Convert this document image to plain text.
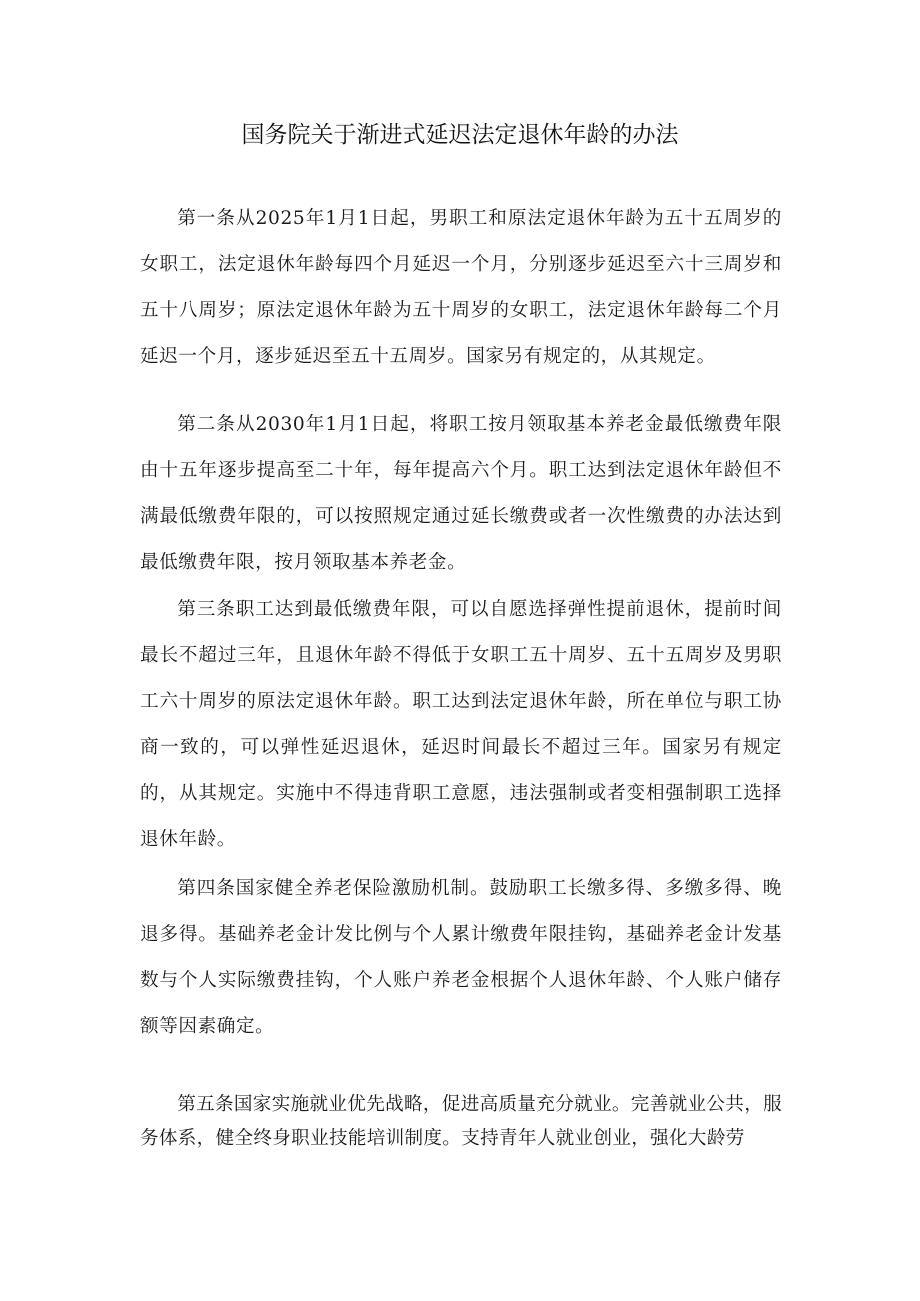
国务院关于渐进式延迟法定退休年龄的办法

第一条从2025年1月1日起，男职工和原法定退休年龄为五十五周岁的女职工，法定退休年龄每四个月延迟一个月，分别逐步延迟至六十三周岁和五十八周岁；原法定退休年龄为五十周岁的女职工，法定退休年龄每二个月延迟一个月，逐步延迟至五十五周岁。国家另有规定的，从其规定。

第二条从2030年1月1日起，将职工按月领取基本养老金最低缴费年限由十五年逐步提高至二十年，每年提高六个月。职工达到法定退休年龄但不满最低缴费年限的，可以按照规定通过延长缴费或者一次性缴费的办法达到最低缴费年限，按月领取基本养老金。

第三条职工达到最低缴费年限，可以自愿选择弹性提前退休，提前时间最长不超过三年，且退休年龄不得低于女职工五十周岁、五十五周岁及男职工六十周岁的原法定退休年龄。职工达到法定退休年龄，所在单位与职工协商一致的，可以弹性延迟退休，延迟时间最长不超过三年。国家另有规定的，从其规定。实施中不得违背职工意愿，违法强制或者变相强制职工选择退休年龄。

第四条国家健全养老保险激励机制。鼓励职工长缴多得、多缴多得、晚退多得。基础养老金计发比例与个人累计缴费年限挂钩，基础养老金计发基数与个人实际缴费挂钩，个人账户养老金根据个人退休年龄、个人账户储存额等因素确定。

第五条国家实施就业优先战略，促进高质量充分就业。完善就业公共，服务体系，健全终身职业技能培训制度。支持青年人就业创业，强化大龄劳
